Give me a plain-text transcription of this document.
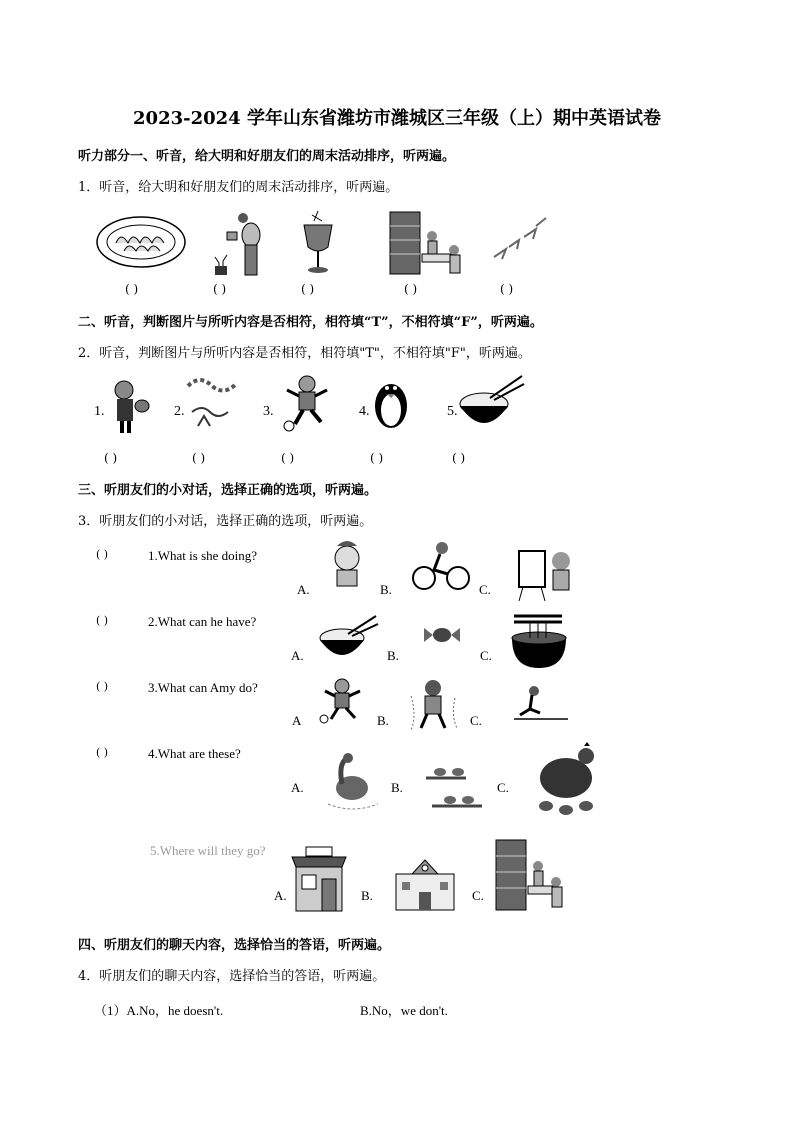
2023-2024 学年山东省潍坊市潍城区三年级（上）期中英语试卷
听力部分一、听音，给大明和好朋友们的周末活动排序，听两遍。
1．听音，给大明和好朋友们的周末活动排序，听两遍。
( )	( )	( )	( )	( )
二、听音，判断图片与所听内容是否相符，相符填“T”，不相符填“F”，听两遍。
2．听音，判断图片与所听内容是否相符，相符填"T"，不相符填"F"，听两遍。
1.	2.	3.	4.	5.
( )	( )	( )	( )	( )
三、听朋友们的小对话，选择正确的选项，听两遍。
3．听朋友们的小对话，选择正确的选项，听两遍。
( )	1.What is she doing?
A.	B.	C.
( )	2.What can he have?
A.	B.	C.
( )	3.What can Amy do?
A	B.	C.
( )	4.What are these?
A.	B.	C.
5.Where will they go?
A.	B.	C.
四、听朋友们的聊天内容，选择恰当的答语，听两遍。
4．听朋友们的聊天内容，选择恰当的答语，听两遍。
（1）A.No，he doesn't.	B.No，we don't.
